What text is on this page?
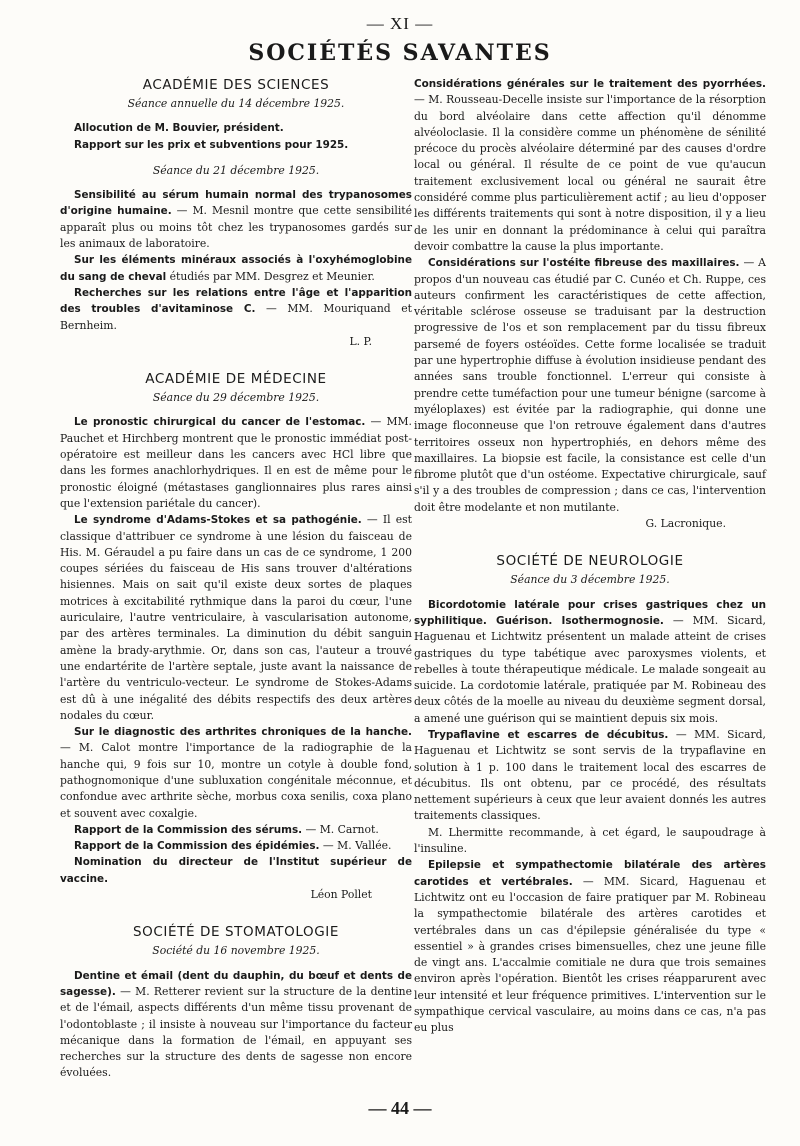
— XI —
SOCIÉTÉS SAVANTES
ACADÉMIE DES SCIENCES
Séance annuelle du 14 décembre 1925.

Allocution de M. Bouvier, président.

Rapport sur les prix et subventions pour 1925.

Séance du 21 décembre 1925.

Sensibilité au sérum humain normal des trypanosomes d'origine humaine. — M. Mesnil montre que cette sensibilité apparaît plus ou moins tôt chez les trypanosomes gardés sur les animaux de laboratoire.

Sur les éléments minéraux associés à l'oxyhémoglobine du sang de cheval étudiés par MM. Desgrez et Meunier.

Recherches sur les relations entre l'âge et l'apparition des troubles d'avitaminose C. — MM. Mouriquand et Bernheim.

L. P.
ACADÉMIE DE MÉDECINE
Séance du 29 décembre 1925.

Le pronostic chirurgical du cancer de l'estomac. — MM. Pauchet et Hirchberg montrent que le pronostic immédiat post-opératoire est meilleur dans les cancers avec HCl libre que dans les formes anachlorhydriques. Il en est de même pour le pronostic éloigné (métastases ganglionnaires plus rares ainsi que l'extension pariétale du cancer).

Le syndrome d'Adams-Stokes et sa pathogénie. — Il est classique d'attribuer ce syndrome à une lésion du faisceau de His. M. Géraudel a pu faire dans un cas de ce syndrome, 1 200 coupes sériées du faisceau de His sans trouver d'altérations hisiennes. Mais on sait qu'il existe deux sortes de plaques motrices à excitabilité rythmique dans la paroi du cœur, l'une auriculaire, l'autre ventriculaire, à vascularisation autonome, par des artères terminales. La diminution du débit sanguin amène la brady-arythmie. Or, dans son cas, l'auteur a trouvé une endartérite de l'artère septale, juste avant la naissance de l'artère du ventriculo-vecteur. Le syndrome de Stokes-Adams est dû à une inégalité des débits respectifs des deux artères nodales du cœur.

Sur le diagnostic des arthrites chroniques de la hanche. — M. Calot montre l'importance de la radiographie de la hanche qui, 9 fois sur 10, montre un cotyle à double fond, pathognomonique d'une subluxation congénitale méconnue, et confondue avec arthrite sèche, morbus coxa senilis, coxa plano et souvent avec coxalgie.

Rapport de la Commission des sérums. — M. Carnot.

Rapport de la Commission des épidémies. — M. Vallée.

Nomination du directeur de l'Institut supérieur de vaccine.

Léon Pollet
SOCIÉTÉ DE STOMATOLOGIE
Société du 16 novembre 1925.

Dentine et émail (dent du dauphin, du bœuf et dents de sagesse). — M. Retterer revient sur la structure de la dentine et de l'émail, aspects différents d'un même tissu provenant de l'odontoblaste ; il insiste à nouveau sur l'importance du facteur mécanique dans la formation de l'émail, en appuyant ses recherches sur la structure des dents de sagesse non encore évoluées.

Considérations générales sur le traitement des pyorrhées. — M. Rousseau-Decelle insiste sur l'importance de la résorption du bord alvéolaire dans cette affection qu'il dénomme alvéoloclasie. Il la considère comme un phénomène de sénilité précoce du procès alvéolaire déterminé par des causes d'ordre local ou général. Il résulte de ce point de vue qu'aucun traitement exclusivement local ou général ne saurait être considéré comme plus particulièrement actif ; au lieu d'opposer les différents traitements qui sont à notre disposition, il y a lieu de les unir en donnant la prédominance à celui qui paraîtra devoir combattre la cause la plus importante.

Considérations sur l'ostéite fibreuse des maxillaires. — A propos d'un nouveau cas étudié par C. Cunéo et Ch. Ruppe, ces auteurs confirment les caractéristiques de cette affection, véritable sclérose osseuse se traduisant par la destruction progressive de l'os et son remplacement par du tissu fibreux parsemé de foyers ostéoïdes. Cette forme localisée se traduit par une hypertrophie diffuse à évolution insidieuse pendant des années sans trouble fonctionnel. L'erreur qui consiste à prendre cette tuméfaction pour une tumeur bénigne (sarcome à myéloplaxes) est évitée par la radiographie, qui donne une image floconneuse que l'on retrouve également dans d'autres territoires osseux non hypertrophiés, en dehors même des maxillaires. La biopsie est facile, la consistance est celle d'un fibrome plutôt que d'un ostéome. Expectative chirurgicale, sauf s'il y a des troubles de compression ; dans ce cas, l'intervention doit être modelante et non mutilante.

G. Lacronique.
SOCIÉTÉ DE NEUROLOGIE
Séance du 3 décembre 1925.

Bicordotomie latérale pour crises gastriques chez un syphilitique. Guérison. Isothermognosie. — MM. Sicard, Haguenau et Lichtwitz présentent un malade atteint de crises gastriques du type tabétique avec paroxysmes violents, et rebelles à toute thérapeutique médicale. Le malade songeait au suicide. La cordotomie latérale, pratiquée par M. Robineau des deux côtés de la moelle au niveau du deuxième segment dorsal, a amené une guérison qui se maintient depuis six mois.

Trypaflavine et escarres de décubitus. — MM. Sicard, Haguenau et Lichtwitz se sont servis de la trypaflavine en solution à 1 p. 100 dans le traitement local des escarres de décubitus. Ils ont obtenu, par ce procédé, des résultats nettement supérieurs à ceux que leur avaient donnés les autres traitements classiques.

M. Lhermitte recommande, à cet égard, le saupoudrage à l'insuline.

Epilepsie et sympathectomie bilatérale des artères carotides et vertébrales. — MM. Sicard, Haguenau et Lichtwitz ont eu l'occasion de faire pratiquer par M. Robineau la sympathectomie bilatérale des artères carotides et vertébrales dans un cas d'épilepsie généralisée du type « essentiel » à grandes crises bimensuelles, chez une jeune fille de vingt ans. L'accalmie comitiale ne dura que trois semaines environ après l'opération. Bientôt les crises réapparurent avec leur intensité et leur fréquence primitives. L'intervention sur le sympathique cervical vasculaire, au moins dans ce cas, n'a pas eu plus

— 44 —
